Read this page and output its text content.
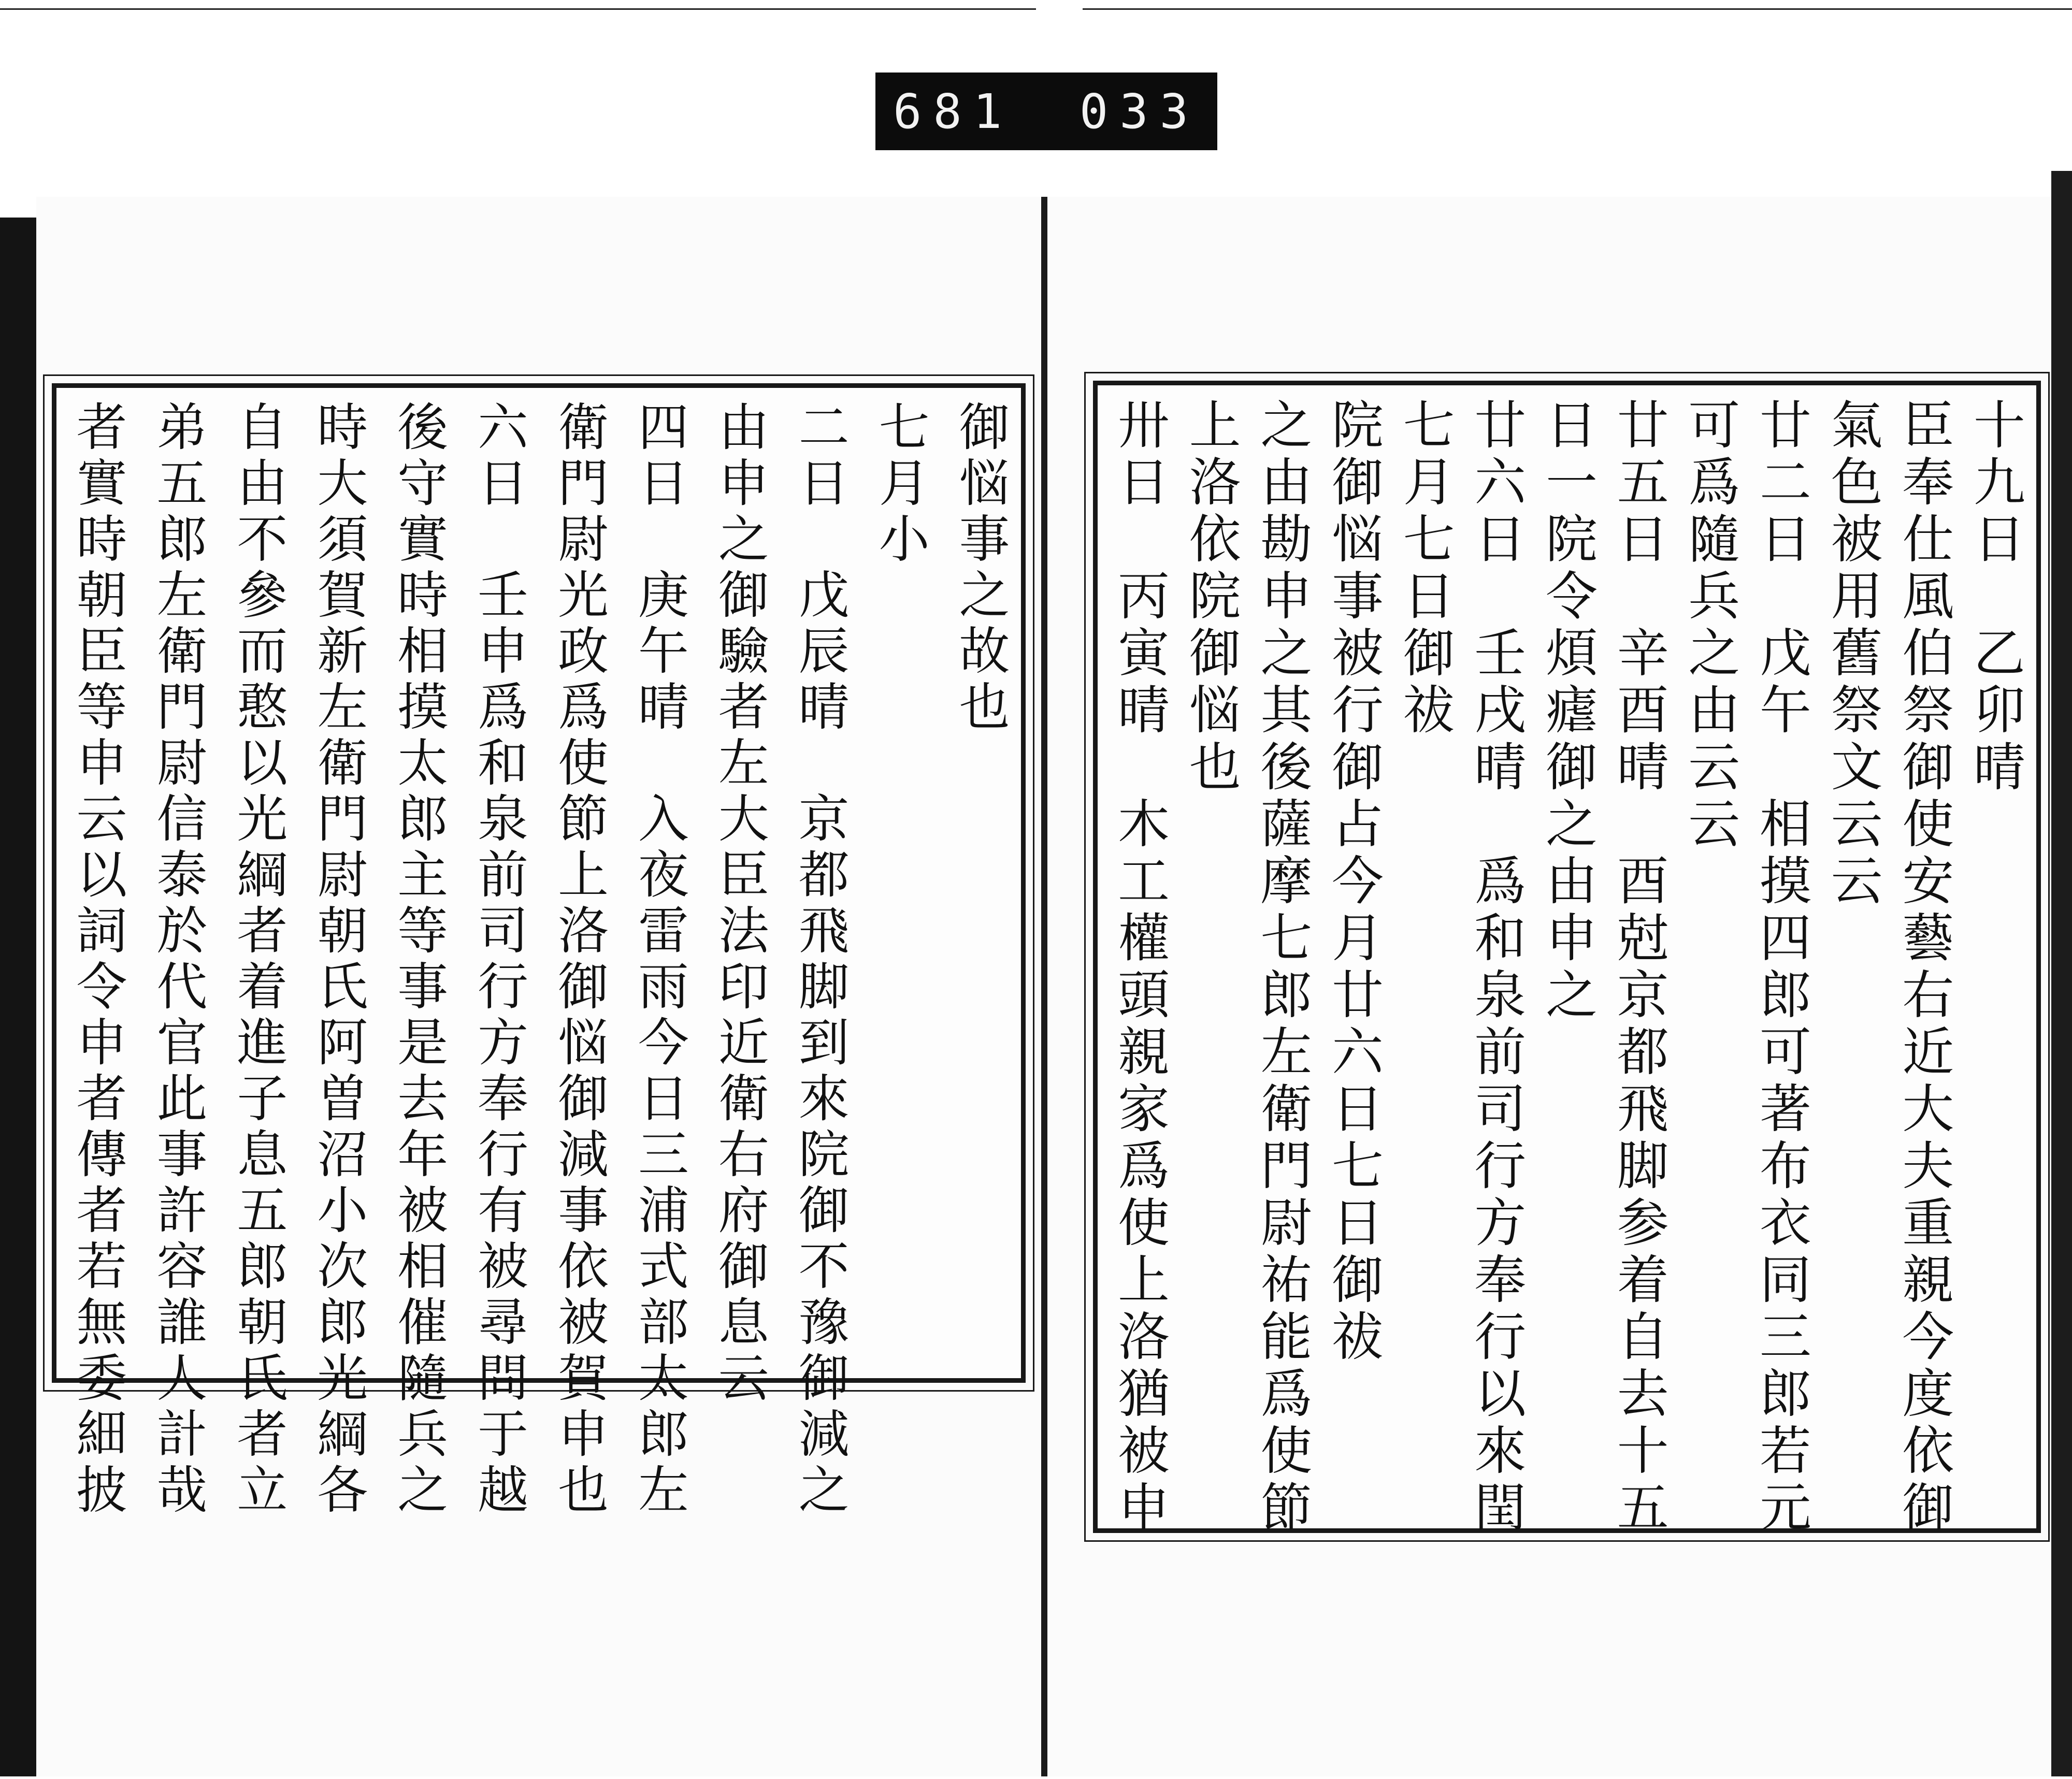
681 033
御悩事之故也
七月小
二日　戊辰晴　京都飛脚到來院御不豫御減之
由申之御驗者左大臣法印近衛右府御息云
四日　庚午晴　入夜雷雨今日三浦式部太郎左
衛門尉光政爲使節上洛御悩御減事依被賀申也
六日　壬申爲和泉前司行方奉行有被尋問于越
後守實時相摸太郎主等事是去年被相催隨兵之
時大須賀新左衛門尉朝氏阿曽沼小次郎光綱各
自由不參而憨以光綱者着進子息五郎朝氏者立
弟五郎左衛門尉信泰於代官此事許容誰人計哉
者實時朝臣等申云以詞令申者傳者若無委細披	十九日　乙卯晴
臣奉仕風伯祭御使安藝右近大夫重親今度依御
氣色被用舊祭文云云
廿二日　戊午　相摸四郎可著布衣同三郎若元
可爲隨兵之由云云
廿五日　辛酉晴　酉尅京都飛脚参着自去十五
日一院令煩瘧御之由申之
廿六日　壬戌晴　爲和泉前司行方奉行以來閏
七月七日御祓
院御悩事被行御占今月廿六日七日御祓
之由勘申之其後薩摩七郎左衛門尉祐能爲使節
上洛依院御悩也
卅日　丙寅晴　木工權頭親家爲使上洛猶被申
